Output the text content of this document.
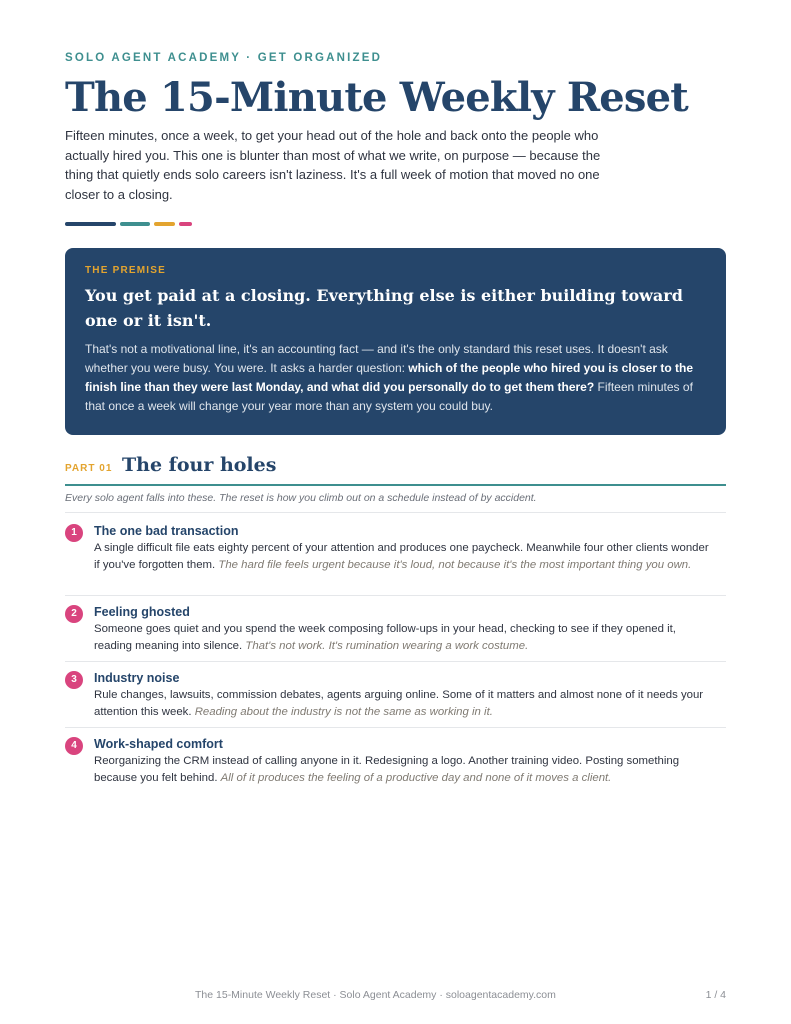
SOLO AGENT ACADEMY · GET ORGANIZED
The 15-Minute Weekly Reset

Fifteen minutes, once a week, to get your head out of the hole and back onto the people who actually hired you. This one is blunter than most of what we write, on purpose — because the thing that quietly ends solo careers isn't laziness. It's a full week of motion that moved no one closer to a closing.

THE PREMISE

You get paid at a closing. Everything else is either building toward one or it isn't.

That's not a motivational line, it's an accounting fact — and it's the only standard this reset uses. It doesn't ask whether you were busy. You were. It asks a harder question: which of the people who hired you is closer to the finish line than they were last Monday, and what did you personally do to get them there? Fifteen minutes of that once a week will change your year more than any system you could buy.

PART 01 The four holes

Every solo agent falls into these. The reset is how you climb out on a schedule instead of by accident.

1	The one bad transaction

A single difficult file eats eighty percent of your attention and produces one paycheck. Meanwhile four other clients wonder if you've forgotten them. The hard file feels urgent because it's loud, not because it's the most important thing you own.

2	Feeling ghosted

Someone goes quiet and you spend the week composing follow-ups in your head, checking to see if they opened it, reading meaning into silence. That's not work. It's rumination wearing a work costume.

3	Industry noise

Rule changes, lawsuits, commission debates, agents arguing online. Some of it matters and almost none of it needs your attention this week. Reading about the industry is not the same as working in it.

4	Work-shaped comfort

Reorganizing the CRM instead of calling anyone in it. Redesigning a logo. Another training video. Posting something because you felt behind. All of it produces the feeling of a productive day and none of it moves a client.

The 15-Minute Weekly Reset · Solo Agent Academy · soloagentacademy.com	1 / 4
